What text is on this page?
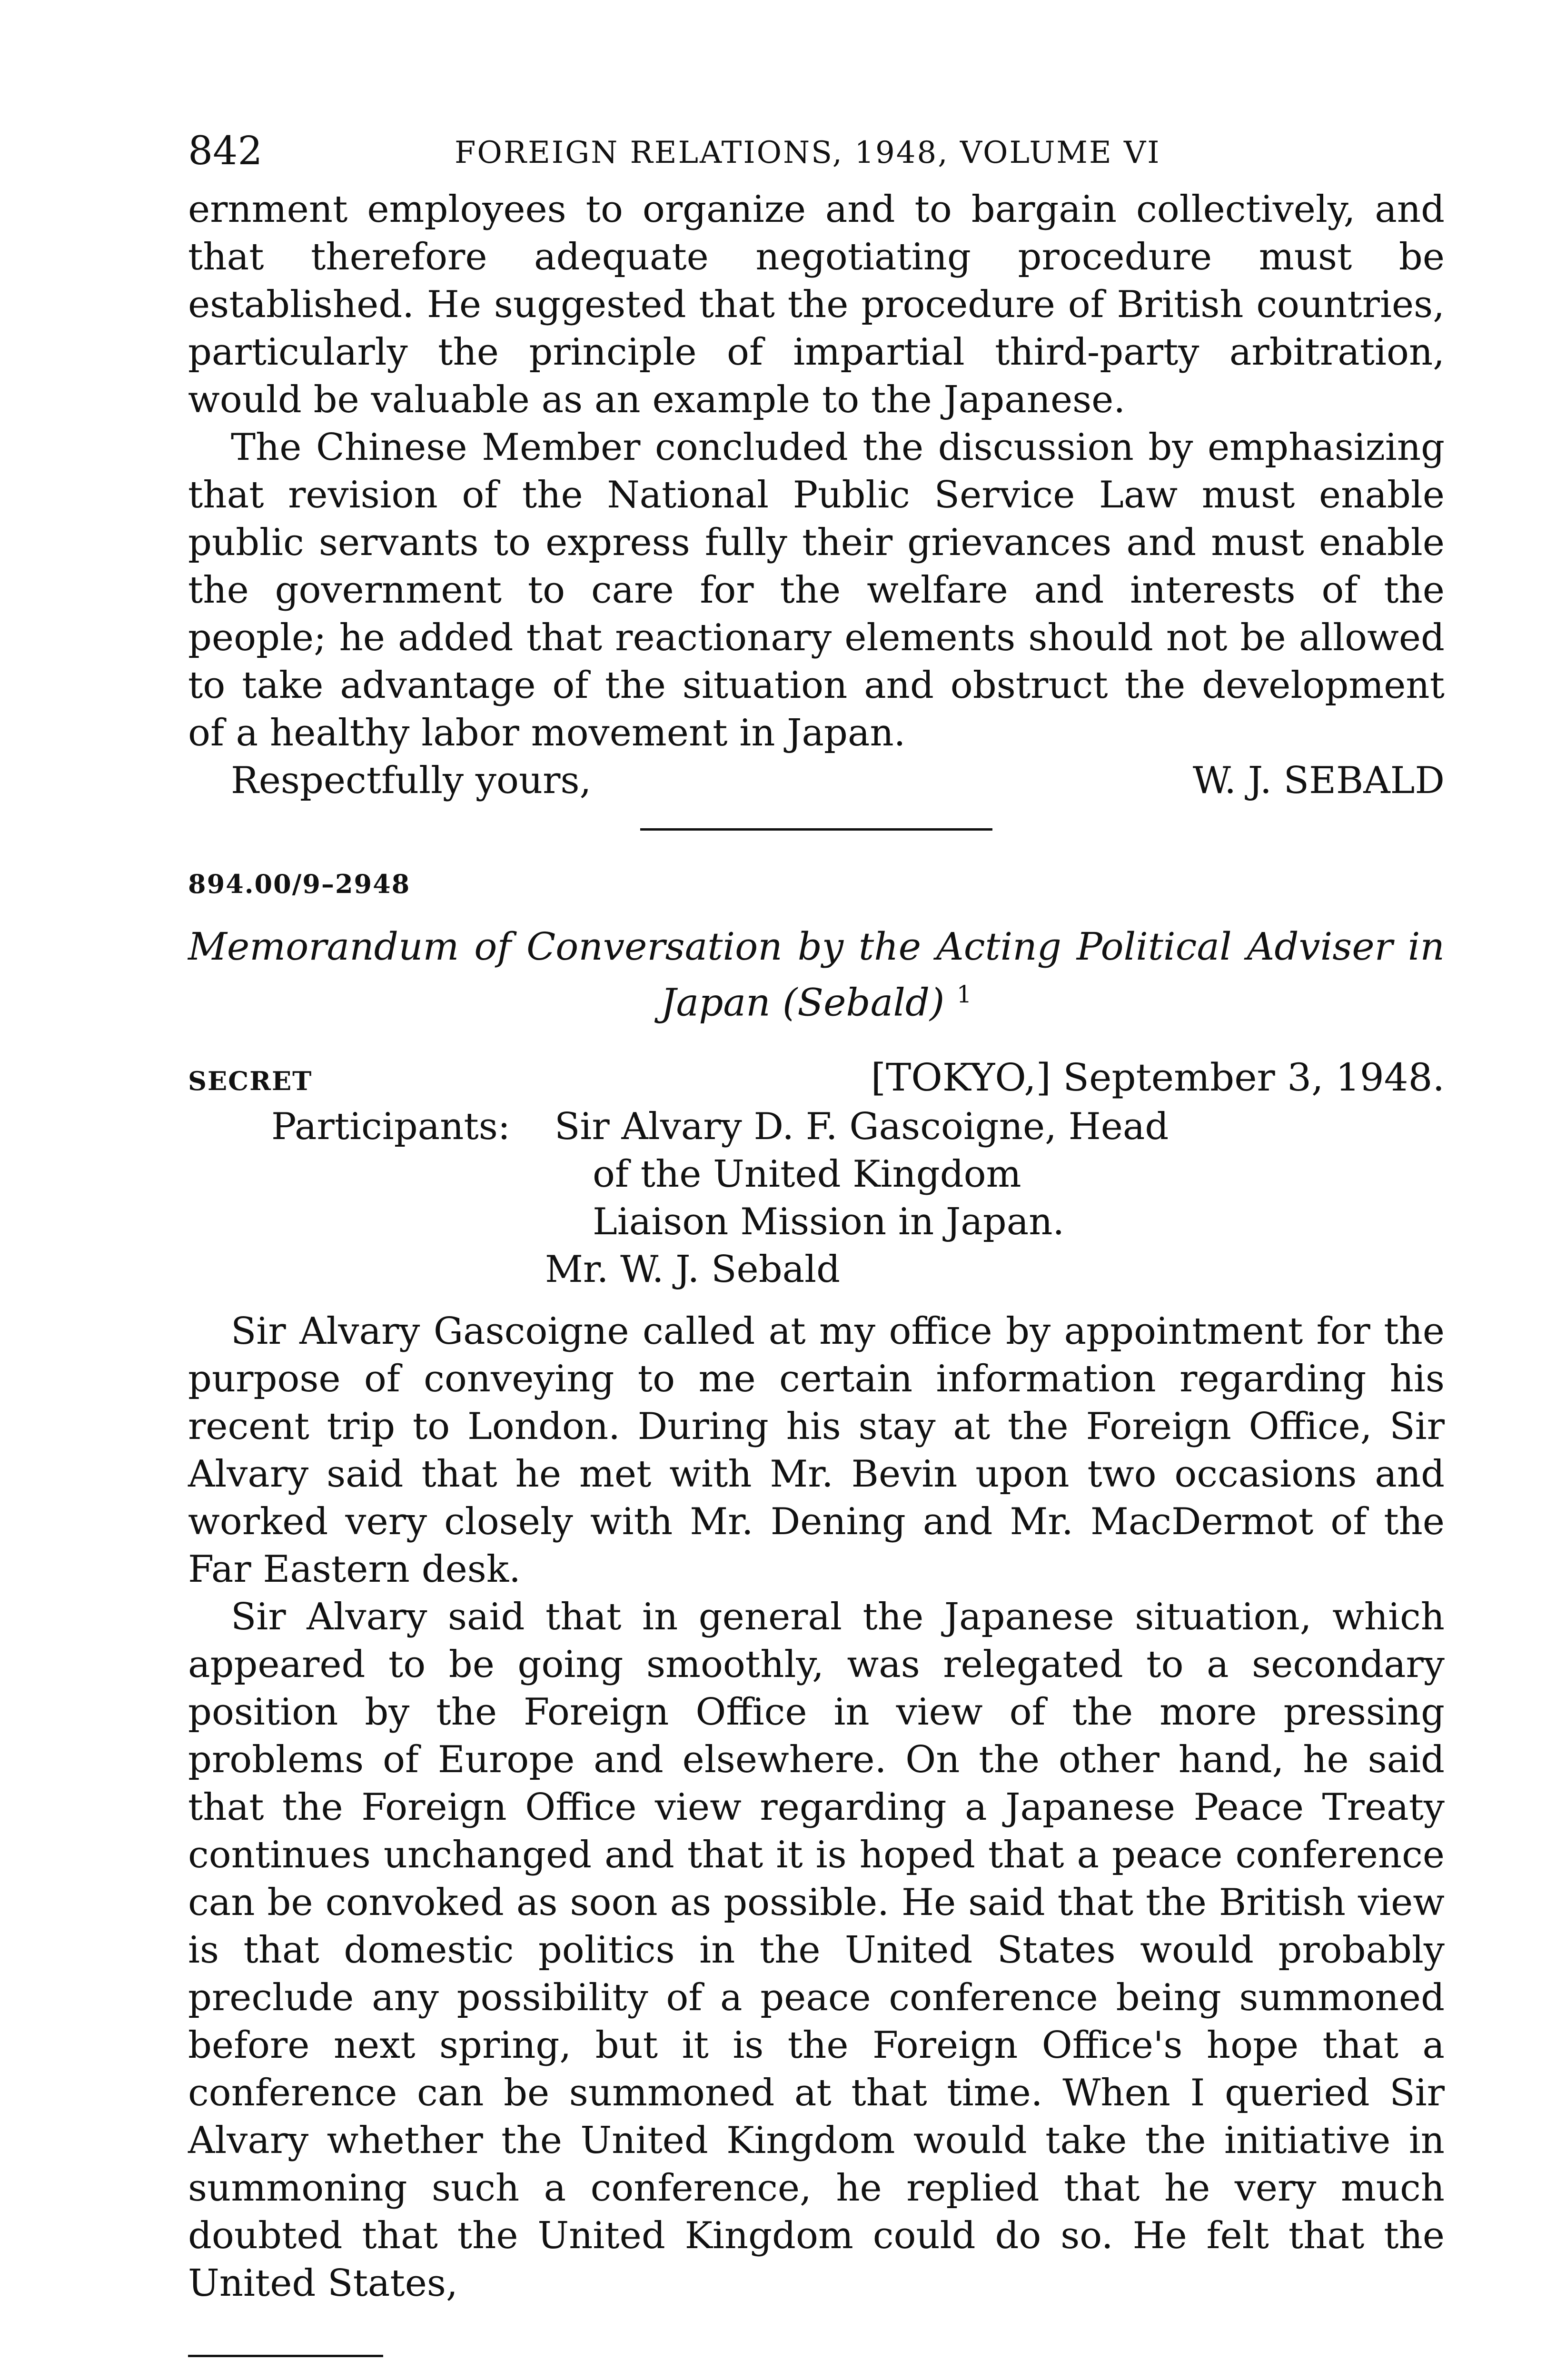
842	FOREIGN RELATIONS, 1948, VOLUME VI

ernment employees to organize and to bargain collectively, and that therefore adequate negotiating procedure must be established. He suggested that the procedure of British countries, particularly the principle of impartial third-party arbitration, would be valuable as an example to the Japanese.

The Chinese Member concluded the discussion by emphasizing that revision of the National Public Service Law must enable public servants to express fully their grievances and must enable the government to care for the welfare and interests of the people; he added that reactionary elements should not be allowed to take advantage of the situation and obstruct the development of a healthy labor movement in Japan.

Respectfully yours,	W. J. SEBALD
894.00/9–2948
Memorandum of Conversation by the Acting Political Adviser in Japan (Sebald) $^1$
SECRET	[TOKYO,] September 3, 1948.
Participants: Sir Alvary D. F. Gascoigne, Head
of the United Kingdom
Liaison Mission in Japan.
Mr. W. J. Sebald

Sir Alvary Gascoigne called at my office by appointment for the purpose of conveying to me certain information regarding his recent trip to London. During his stay at the Foreign Office, Sir Alvary said that he met with Mr. Bevin upon two occasions and worked very closely with Mr. Dening and Mr. MacDermot of the Far Eastern desk.

Sir Alvary said that in general the Japanese situation, which appeared to be going smoothly, was relegated to a secondary position by the Foreign Office in view of the more pressing problems of Europe and elsewhere. On the other hand, he said that the Foreign Office view regarding a Japanese Peace Treaty continues unchanged and that it is hoped that a peace conference can be convoked as soon as possible. He said that the British view is that domestic politics in the United States would probably preclude any possibility of a peace conference being summoned before next spring, but it is the Foreign Office's hope that a conference can be summoned at that time. When I queried Sir Alvary whether the United Kingdom would take the initiative in summoning such a conference, he replied that he very much doubted that the United Kingdom could do so. He felt that the United States,
